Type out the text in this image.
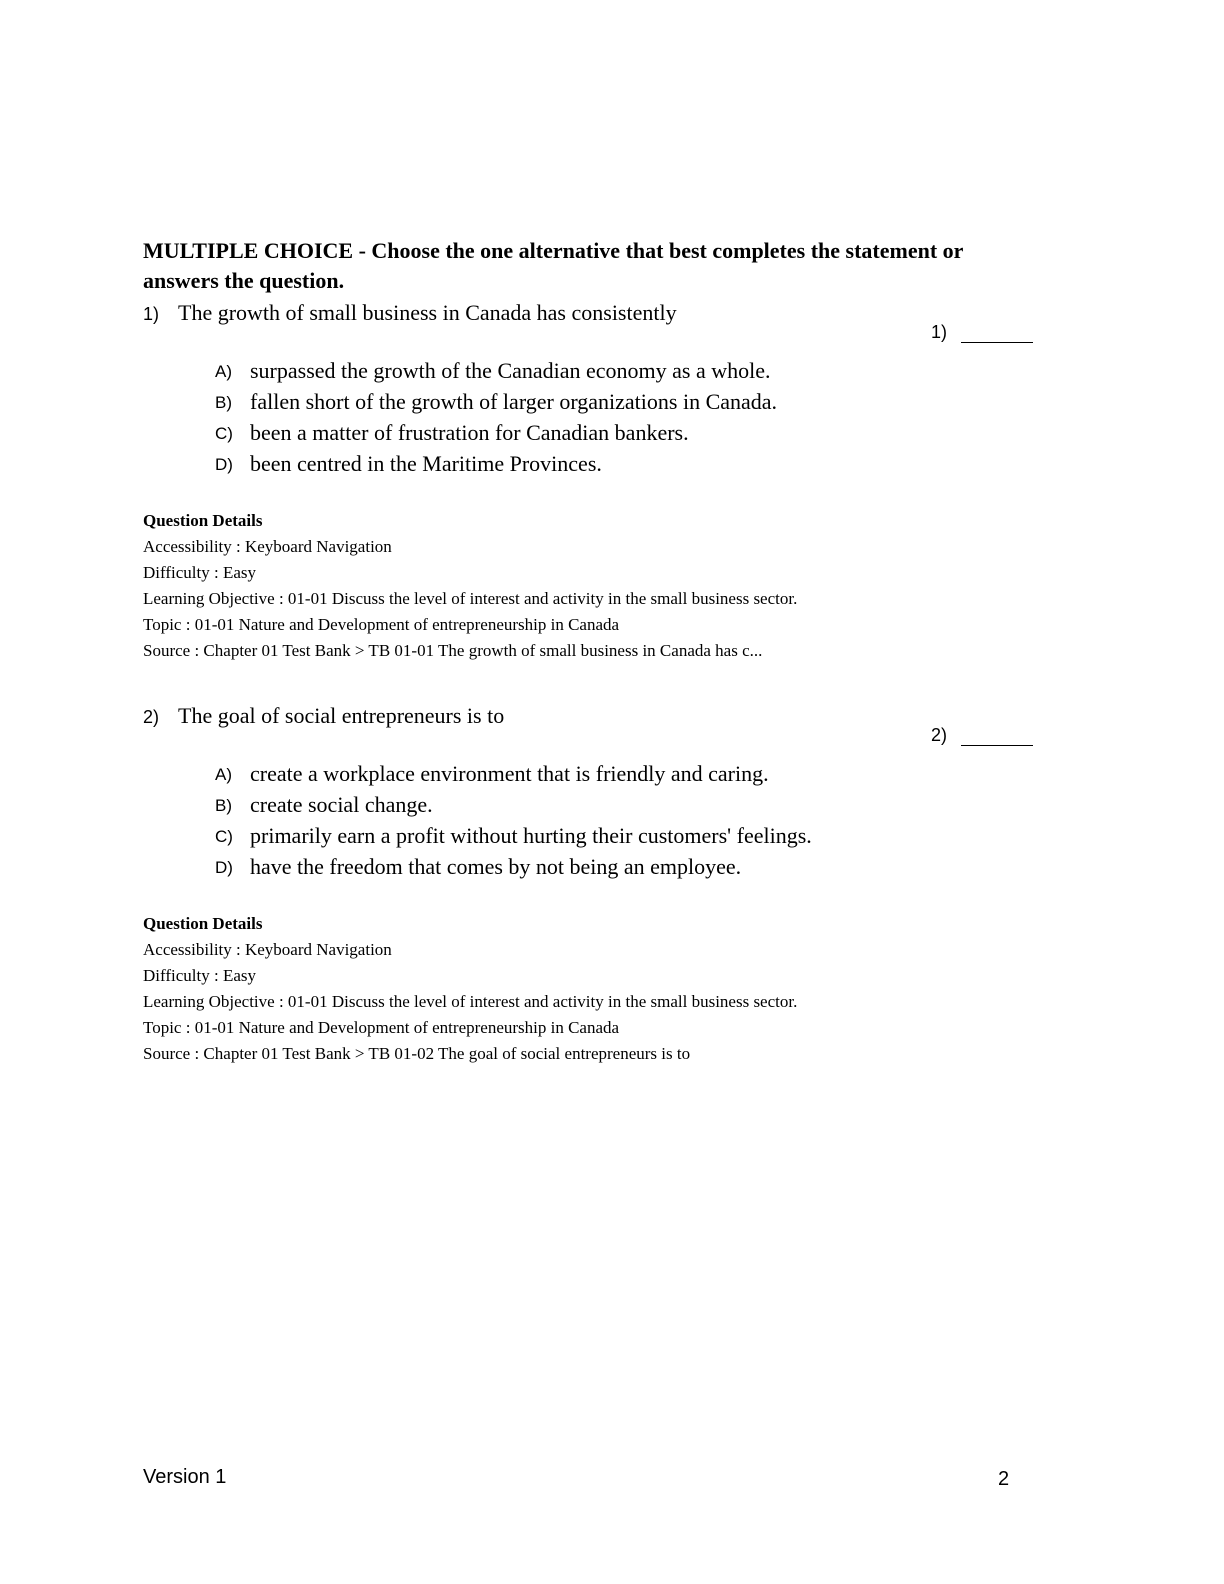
MULTIPLE CHOICE - Choose the one alternative that best completes the statement or
answers the question.
1) The growth of small business in Canada has consistently
1)
A) surpassed the growth of the Canadian economy as a whole.
B) fallen short of the growth of larger organizations in Canada.
C) been a matter of frustration for Canadian bankers.
D) been centred in the Maritime Provinces.
Question Details
Accessibility : Keyboard Navigation
Difficulty : Easy
Learning Objective : 01-01 Discuss the level of interest and activity in the small business sector.
Topic : 01-01 Nature and Development of entrepreneurship in Canada
Source : Chapter 01 Test Bank > TB 01-01 The growth of small business in Canada has c...
2) The goal of social entrepreneurs is to
2)
A) create a workplace environment that is friendly and caring.
B) create social change.
C) primarily earn a profit without hurting their customers' feelings.
D) have the freedom that comes by not being an employee.
Question Details
Accessibility : Keyboard Navigation
Difficulty : Easy
Learning Objective : 01-01 Discuss the level of interest and activity in the small business sector.
Topic : 01-01 Nature and Development of entrepreneurship in Canada
Source : Chapter 01 Test Bank > TB 01-02 The goal of social entrepreneurs is to
Version 1	2
